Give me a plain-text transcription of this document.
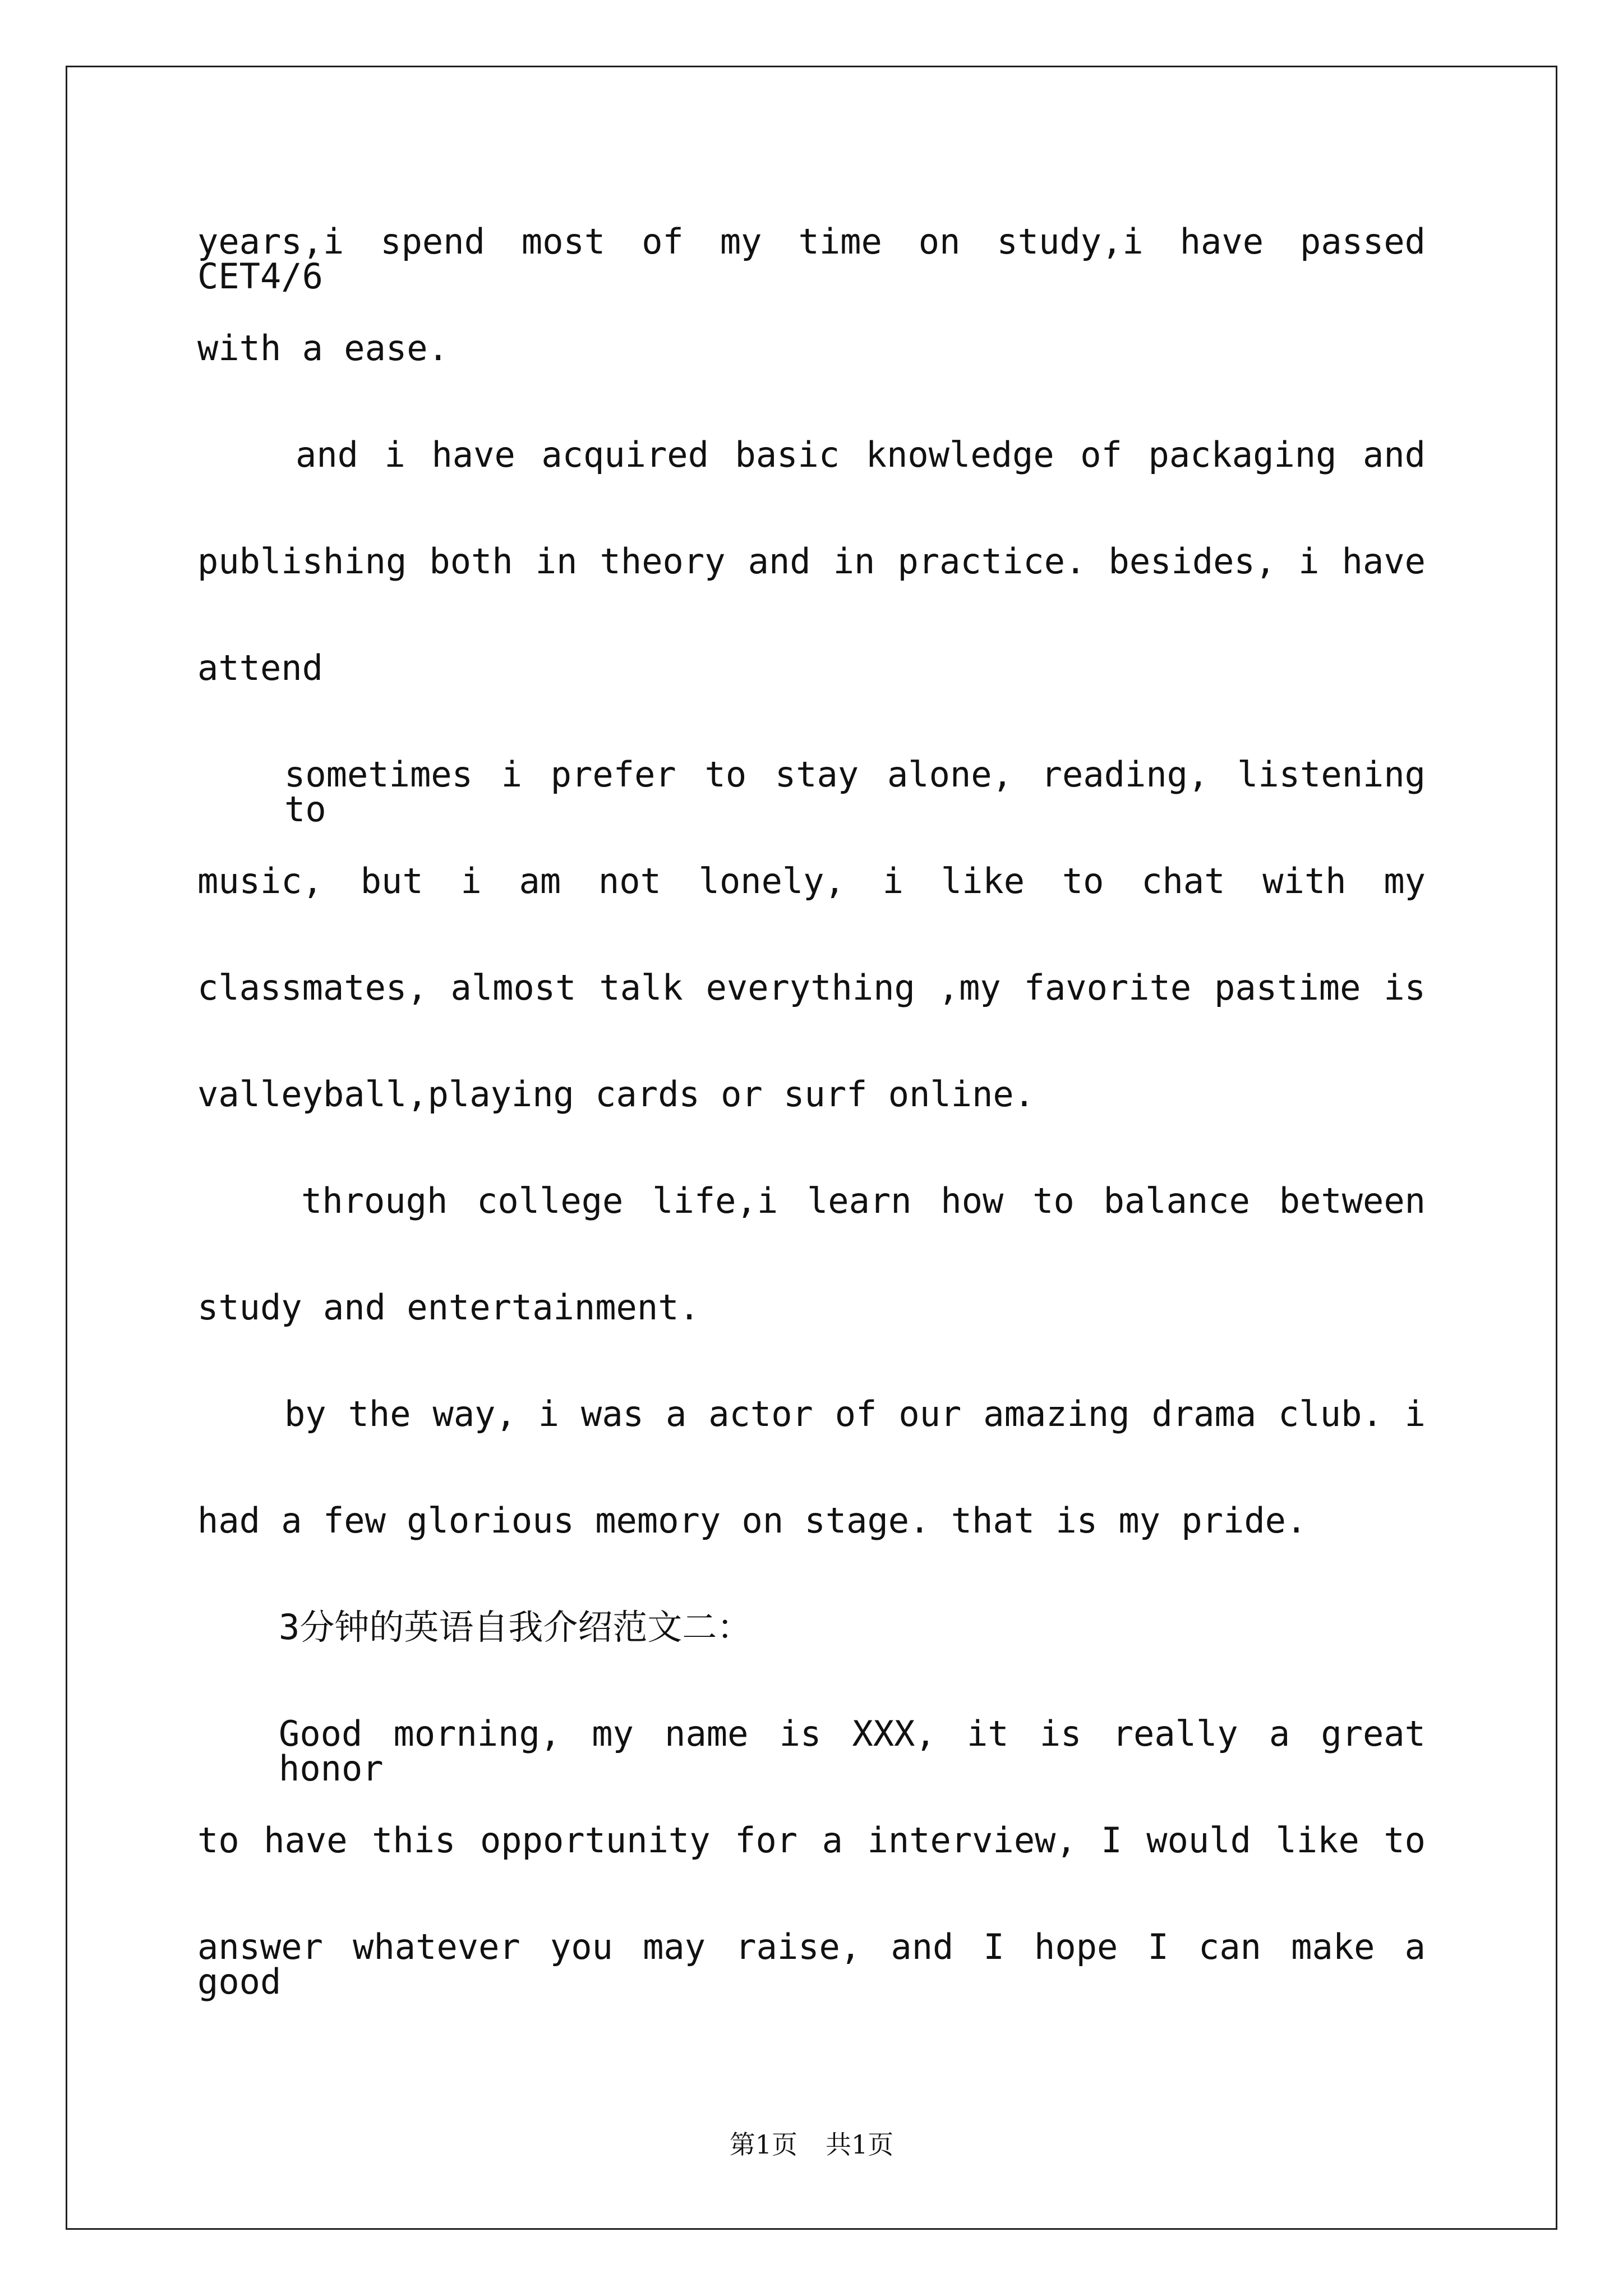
years,i spend most of my time on study,i have passed CET4/6
with a ease.
and i have acquired basic knowledge of packaging and
publishing both in theory and in practice. besides, i have
attend
sometimes i prefer to stay alone, reading, listening to
music, but i am not lonely, i like to chat with my
classmates, almost talk everything ,my favorite pastime is
valleyball,playing cards or surf online.
through college life,i learn how to balance between
study and entertainment.
by the way, i was a actor of our amazing drama club. i
had a few glorious memory on stage. that is my pride.
3分钟的英语自我介绍范文二：
Good morning, my name is XXX, it is really a great honor
to have this opportunity for a interview, I would like to
answer whatever you may raise, and I hope I can make a good
第1页 共1页
